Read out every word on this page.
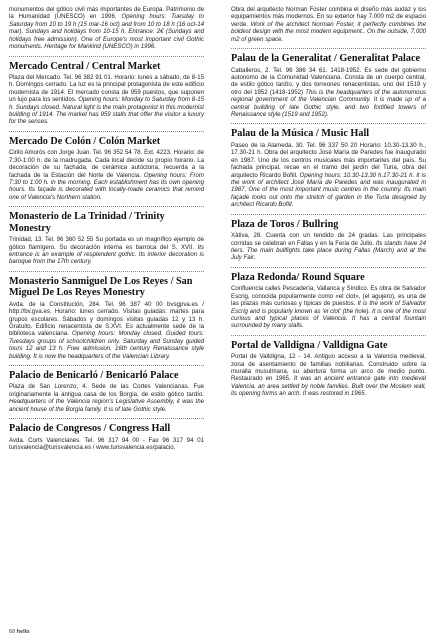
monumentos del gótico civil más importantes de Europa. Patrimonio de la Humanidad (UNESCO) en 1996. Opening hours: Tuesday to Saturday from 10 to 19 h (15 mar-16 oct) and from 10 to 18 h (16 oct-14 mar). Sundays and holidays from 10-15 h. Entrance: 2€ (Sundays and holidays free admission). One of Europe's most important civil Gothic monuments. Heritage for Mankind (UNESCO) in 1996.

Mercado Central / Central Market

Plaza del Mercado. Tel. 96 382 91 01. Horario: lunes a sábado, de 8-15 h. Domingos cerrado. La luz es la principal protagonista de este edificio modernista de 1914. El mercado consta de 959 puestos, que suponen un lujo para los sentidos. Opening hours: Monday to Saturday from 8-15 h. Sundays closed. Natural light is the main protagonist in this modernist building of 1914. The market has 959 stalls that offer the visitor a luxury for the senses.

Mercado De Colón / Colón Market

Cirilo Amorós con Jorge Juan. Tel. 96 352 54 78. Ext. 4223. Horario: de 7:30-1:00 h. de la madrugada. Cada local decide su propio horario. La decoración de su fachada, de cerámica autóctona, recuerda a la fachada de la Estación del Norte de Valencia. Opening hours: From 7:30 to 1:00 h. in the morning. Each establishment has its own opening hours. Its façade is decorated with locally-made ceramics that remind one of Valencia's Northern station.

Monasterio de La Trinidad / Trinity Monestry

Trinidad, 13. Tel. 96 360 52 55 Su portada es un magnífico ejemplo de gótico flamígero. Su decoración interna es barroca del S. XVII. Its entrance is an example of resplendent gothic. Its interior decoration is baroque from the 17th century.

Monasterio Sanmiguel De Los Reyes / San Miguel De Los Reyes Monestry

Avda. de la Constitución, 284. Tel. 96 387 40 00 bvsgpva.es / http://bv.gva.es. Horario: lunes cerrado. Visitas guiadas: martes para grupos escolares. Sábados y domingos visitas guiadas 12 y 13 h. Gratuito. Edificio renacentista de S.XVI. Es actualmente sede de la biblioteca valenciana. Opening hours: Monday closed. Guided tours: Tuesdays groups of schoolchildren only. Saturday and Sunday guided tours 12 and 13 h. Free admission. 16th century Renaissance style building. It is now the headquarters of the Valencian Library.

Palacio de Benicarló / Benicarló Palace

Plaza de San Lorenzo, 4. Sede de las Cortes Valencianas. Fue originariamente la antigua casa de los Borgia, de estilo gótico tardío. Headquarters of the Valencia region's Legislative Assembly, it was the ancient house of the Borgia family. It is of late Gothic style.

Palacio de Congresos / Congress Hall

Avda. Corts Valencianes. Tel. 96 317 94 00 - Fax 96 317 94 01 turisvalencia@turisvalencia.es / www.turisvalencia.es/palacio.

Obra del arquitecto Norman Foster combina el diseño más audaz y los equipamientos más modernos. En su exterior hay 7.000 m2 de espacio verde. Work of the architect Norman Foster, it perfectly combines the boldest design with the most modern equipment.. On the outside, 7,000 m2 of green space.

Palau de la Generalitat / Generalitat Palace

Caballeros, 2. Tel. 96 386 34 61. 1418-1952. Es sede del gobierno autonomo de la Comunidad Valenciana. Consta de un cuerpo central, de estilo gótico tardío, y dos torreones renacentistas, uno del 1519 y otro del 1952 (1418-1952) This is the headquarters of the autonomous regional government of the Valencian Community. It is made up of a central building of late Gothic style, and two fortified towers of Renaissance style (1519 and 1952).

Palau de la Música / Music Hall

Paseo de la Alameda, 30. Tel. 96 337 50 20 Horario: 10.30-13.30 h., 17.30-21 h. Obra del arquitecto José María de Paredes fue inaugurado en 1987. Uno de los centros musicales más importantes del país. Su fachada principal, recae en el tramo del jardín del Turia, obra del arquitecto Ricardo Bofill. Opening hours: 10.30-13.30 h.17.30-21 h. It is the work of architect José María de Paredes and was inaugurated in 1987. One of the most important music centres in the country. Its main façade looks out onto the stretch of garden in the Turia designed by architect Ricardo Bofill.

Plaza de Toros / Bullring

Xàtiva, 28. Cuenta con un tendido de 24 gradas. Las principales corridas se celebran en Fallas y en la Feria de Julio. Its stands have 24 tiers. The main bullfights take place during Fallas (March) and at the July Fair.

Plaza Redonda/ Round Square

Confluencia calles Pescadería, Vallanca y Síndico. Es obra de Salvador Escrig, conocida popularmente como «el clot», (el agujero), es una de las plazas más curiosas y típicas de puestos. It is the work of Salvador Escrig and is popularly known as 'el clot' (the hole). It is one of the most curious and typical places of Valencia. It has a central fountain surrounded by many stalls.

Portal de Valldigna / Valldigna Gate

Portal de Valldigna, 12 - 14. Antiguo acceso a la Valencia medieval, zona de asentamiento de familias nobiliarias. Construido sobre la muralla musulmana, su abertura forma un arco de medio punto. Restaurado en 1965. It was an ancient entrance gate into medieval Valencia, an area settled by noble families. Built over the Moslem wall, its opening forms an arch. It was restored in 1965.

68 hello
